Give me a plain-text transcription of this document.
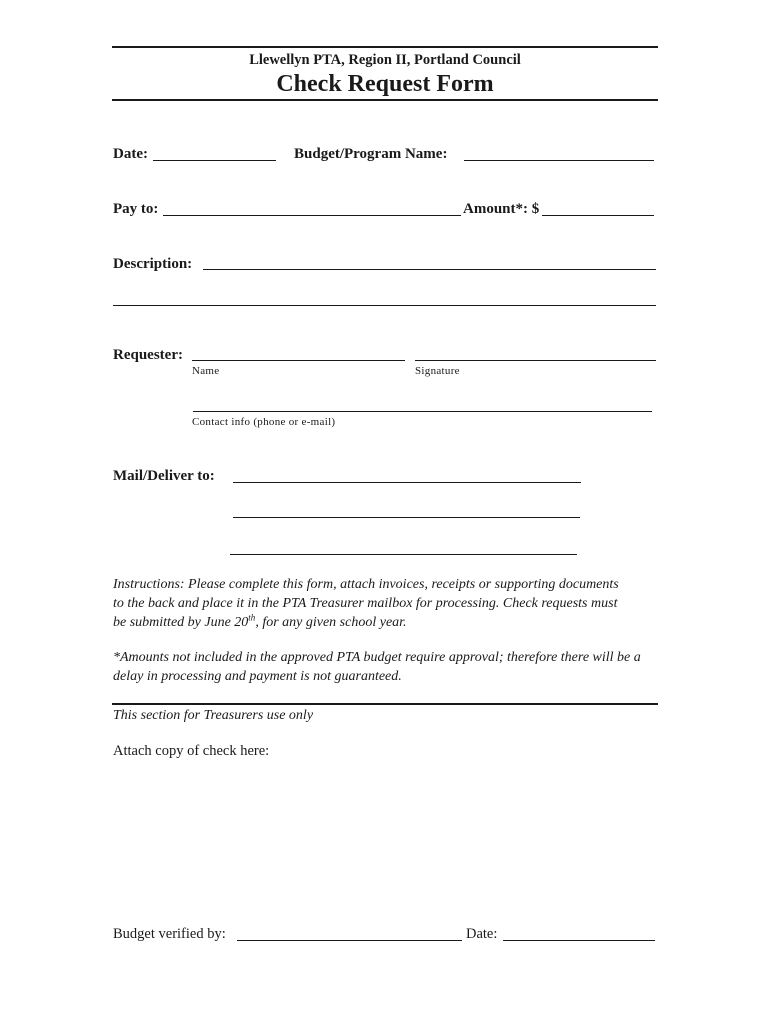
Llewellyn PTA, Region II, Portland Council
Check Request Form
Date:	Budget/Program Name:
Pay to:	Amount*: $
Description:
Requester:
Name	Signature
Contact info (phone or e-mail)
Mail/Deliver to:
Instructions: Please complete this form, attach invoices, receipts or supporting documents to the back and place it in the PTA Treasurer mailbox for processing. Check requests must be submitted by June 20th, for any given school year.
*Amounts not included in the approved PTA budget require approval; therefore there will be a delay in processing and payment is not guaranteed.
This section for Treasurers use only
Attach copy of check here:
Budget verified by:	Date:
